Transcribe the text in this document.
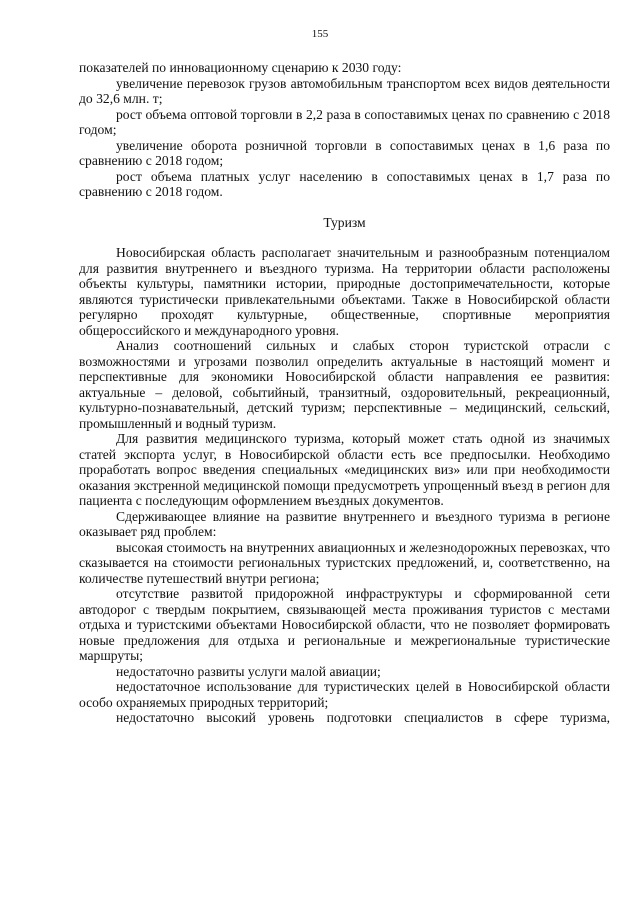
155

показателей по инновационному сценарию к 2030 году:

увеличение перевозок грузов автомобильным транспортом всех видов деятельности до 32,6 млн. т;

рост объема оптовой торговли в 2,2 раза в сопоставимых ценах по сравнению с 2018 годом;

увеличение оборота розничной торговли в сопоставимых ценах в 1,6 раза по сравнению с 2018 годом;

рост объема платных услуг населению в сопоставимых ценах в 1,7 раза по сравнению с 2018 годом.

Туризм

Новосибирская область располагает значительным и разнообразным потенциалом для развития внутреннего и въездного туризма. На территории области расположены объекты культуры, памятники истории, природные достопримечательности, которые являются туристически привлекательными объектами. Также в Новосибирской области регулярно проходят культурные, общественные, спортивные мероприятия общероссийского и международного уровня.

Анализ соотношений сильных и слабых сторон туристской отрасли с возможностями и угрозами позволил определить актуальные в настоящий момент и перспективные для экономики Новосибирской области направления ее развития: актуальные – деловой, событийный, транзитный, оздоровительный, рекреационный, культурно-познавательный, детский туризм; перспективные – медицинский, сельский, промышленный и водный туризм.

Для развития медицинского туризма, который может стать одной из значимых статей экспорта услуг, в Новосибирской области есть все предпосылки. Необходимо проработать вопрос введения специальных «медицинских виз» или при необходимости оказания экстренной медицинской помощи предусмотреть упрощенный въезд в регион для пациента с последующим оформлением въездных документов.

Сдерживающее влияние на развитие внутреннего и въездного туризма в регионе оказывает ряд проблем:

высокая стоимость на внутренних авиационных и железнодорожных перевозках, что сказывается на стоимости региональных туристских предложений, и, соответственно, на количестве путешествий внутри региона;

отсутствие развитой придорожной инфраструктуры и сформированной сети автодорог с твердым покрытием, связывающей места проживания туристов с местами отдыха и туристскими объектами Новосибирской области, что не позволяет формировать новые предложения для отдыха и региональные и межрегиональные туристические маршруты;

недостаточно развиты услуги малой авиации;

недостаточное использование для туристических целей в Новосибирской области особо охраняемых природных территорий;

недостаточно высокий уровень подготовки специалистов в сфере туризма,
